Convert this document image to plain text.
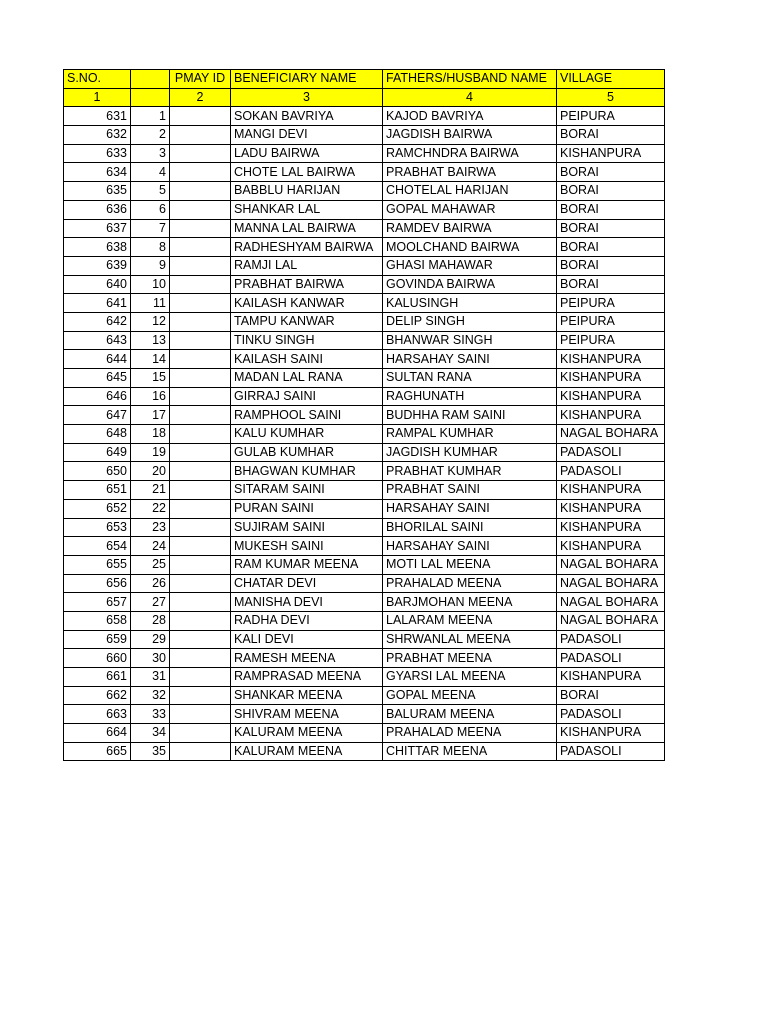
S.NO.		PMAY ID	BENEFICIARY NAME	FATHERS/HUSBAND NAME	VILLAGE
1		2	3	4	5
631	1		SOKAN BAVRIYA	KAJOD BAVRIYA	PEIPURA
632	2		MANGI DEVI	JAGDISH BAIRWA	BORAI
633	3		LADU BAIRWA	RAMCHNDRA BAIRWA	KISHANPURA
634	4		CHOTE LAL BAIRWA	PRABHAT BAIRWA	BORAI
635	5		BABBLU HARIJAN	CHOTELAL HARIJAN	BORAI
636	6		SHANKAR LAL	GOPAL MAHAWAR	BORAI
637	7		MANNA LAL BAIRWA	RAMDEV BAIRWA	BORAI
638	8		RADHESHYAM BAIRWA	MOOLCHAND BAIRWA	BORAI
639	9		RAMJI LAL	GHASI MAHAWAR	BORAI
640	10		PRABHAT BAIRWA	GOVINDA BAIRWA	BORAI
641	11		KAILASH KANWAR	KALUSINGH	PEIPURA
642	12		TAMPU KANWAR	DELIP SINGH	PEIPURA
643	13		TINKU SINGH	BHANWAR SINGH	PEIPURA
644	14		KAILASH SAINI	HARSAHAY SAINI	KISHANPURA
645	15		MADAN LAL RANA	SULTAN RANA	KISHANPURA
646	16		GIRRAJ SAINI	RAGHUNATH	KISHANPURA
647	17		RAMPHOOL SAINI	BUDHHA RAM SAINI	KISHANPURA
648	18		KALU KUMHAR	RAMPAL KUMHAR	NAGAL BOHARA
649	19		GULAB KUMHAR	JAGDISH KUMHAR	PADASOLI
650	20		BHAGWAN KUMHAR	PRABHAT KUMHAR	PADASOLI
651	21		SITARAM SAINI	PRABHAT SAINI	KISHANPURA
652	22		PURAN SAINI	HARSAHAY SAINI	KISHANPURA
653	23		SUJIRAM SAINI	BHORILAL SAINI	KISHANPURA
654	24		MUKESH SAINI	HARSAHAY SAINI	KISHANPURA
655	25		RAM KUMAR MEENA	MOTI LAL MEENA	NAGAL BOHARA
656	26		CHATAR DEVI	PRAHALAD MEENA	NAGAL BOHARA
657	27		MANISHA DEVI	BARJMOHAN MEENA	NAGAL BOHARA
658	28		RADHA DEVI	LALARAM MEENA	NAGAL BOHARA
659	29		KALI DEVI	SHRWANLAL MEENA	PADASOLI
660	30		RAMESH MEENA	PRABHAT MEENA	PADASOLI
661	31		RAMPRASAD MEENA	GYARSI LAL MEENA	KISHANPURA
662	32		SHANKAR MEENA	GOPAL MEENA	BORAI
663	33		SHIVRAM MEENA	BALURAM MEENA	PADASOLI
664	34		KALURAM MEENA	PRAHALAD MEENA	KISHANPURA
665	35		KALURAM MEENA	CHITTAR MEENA	PADASOLI
